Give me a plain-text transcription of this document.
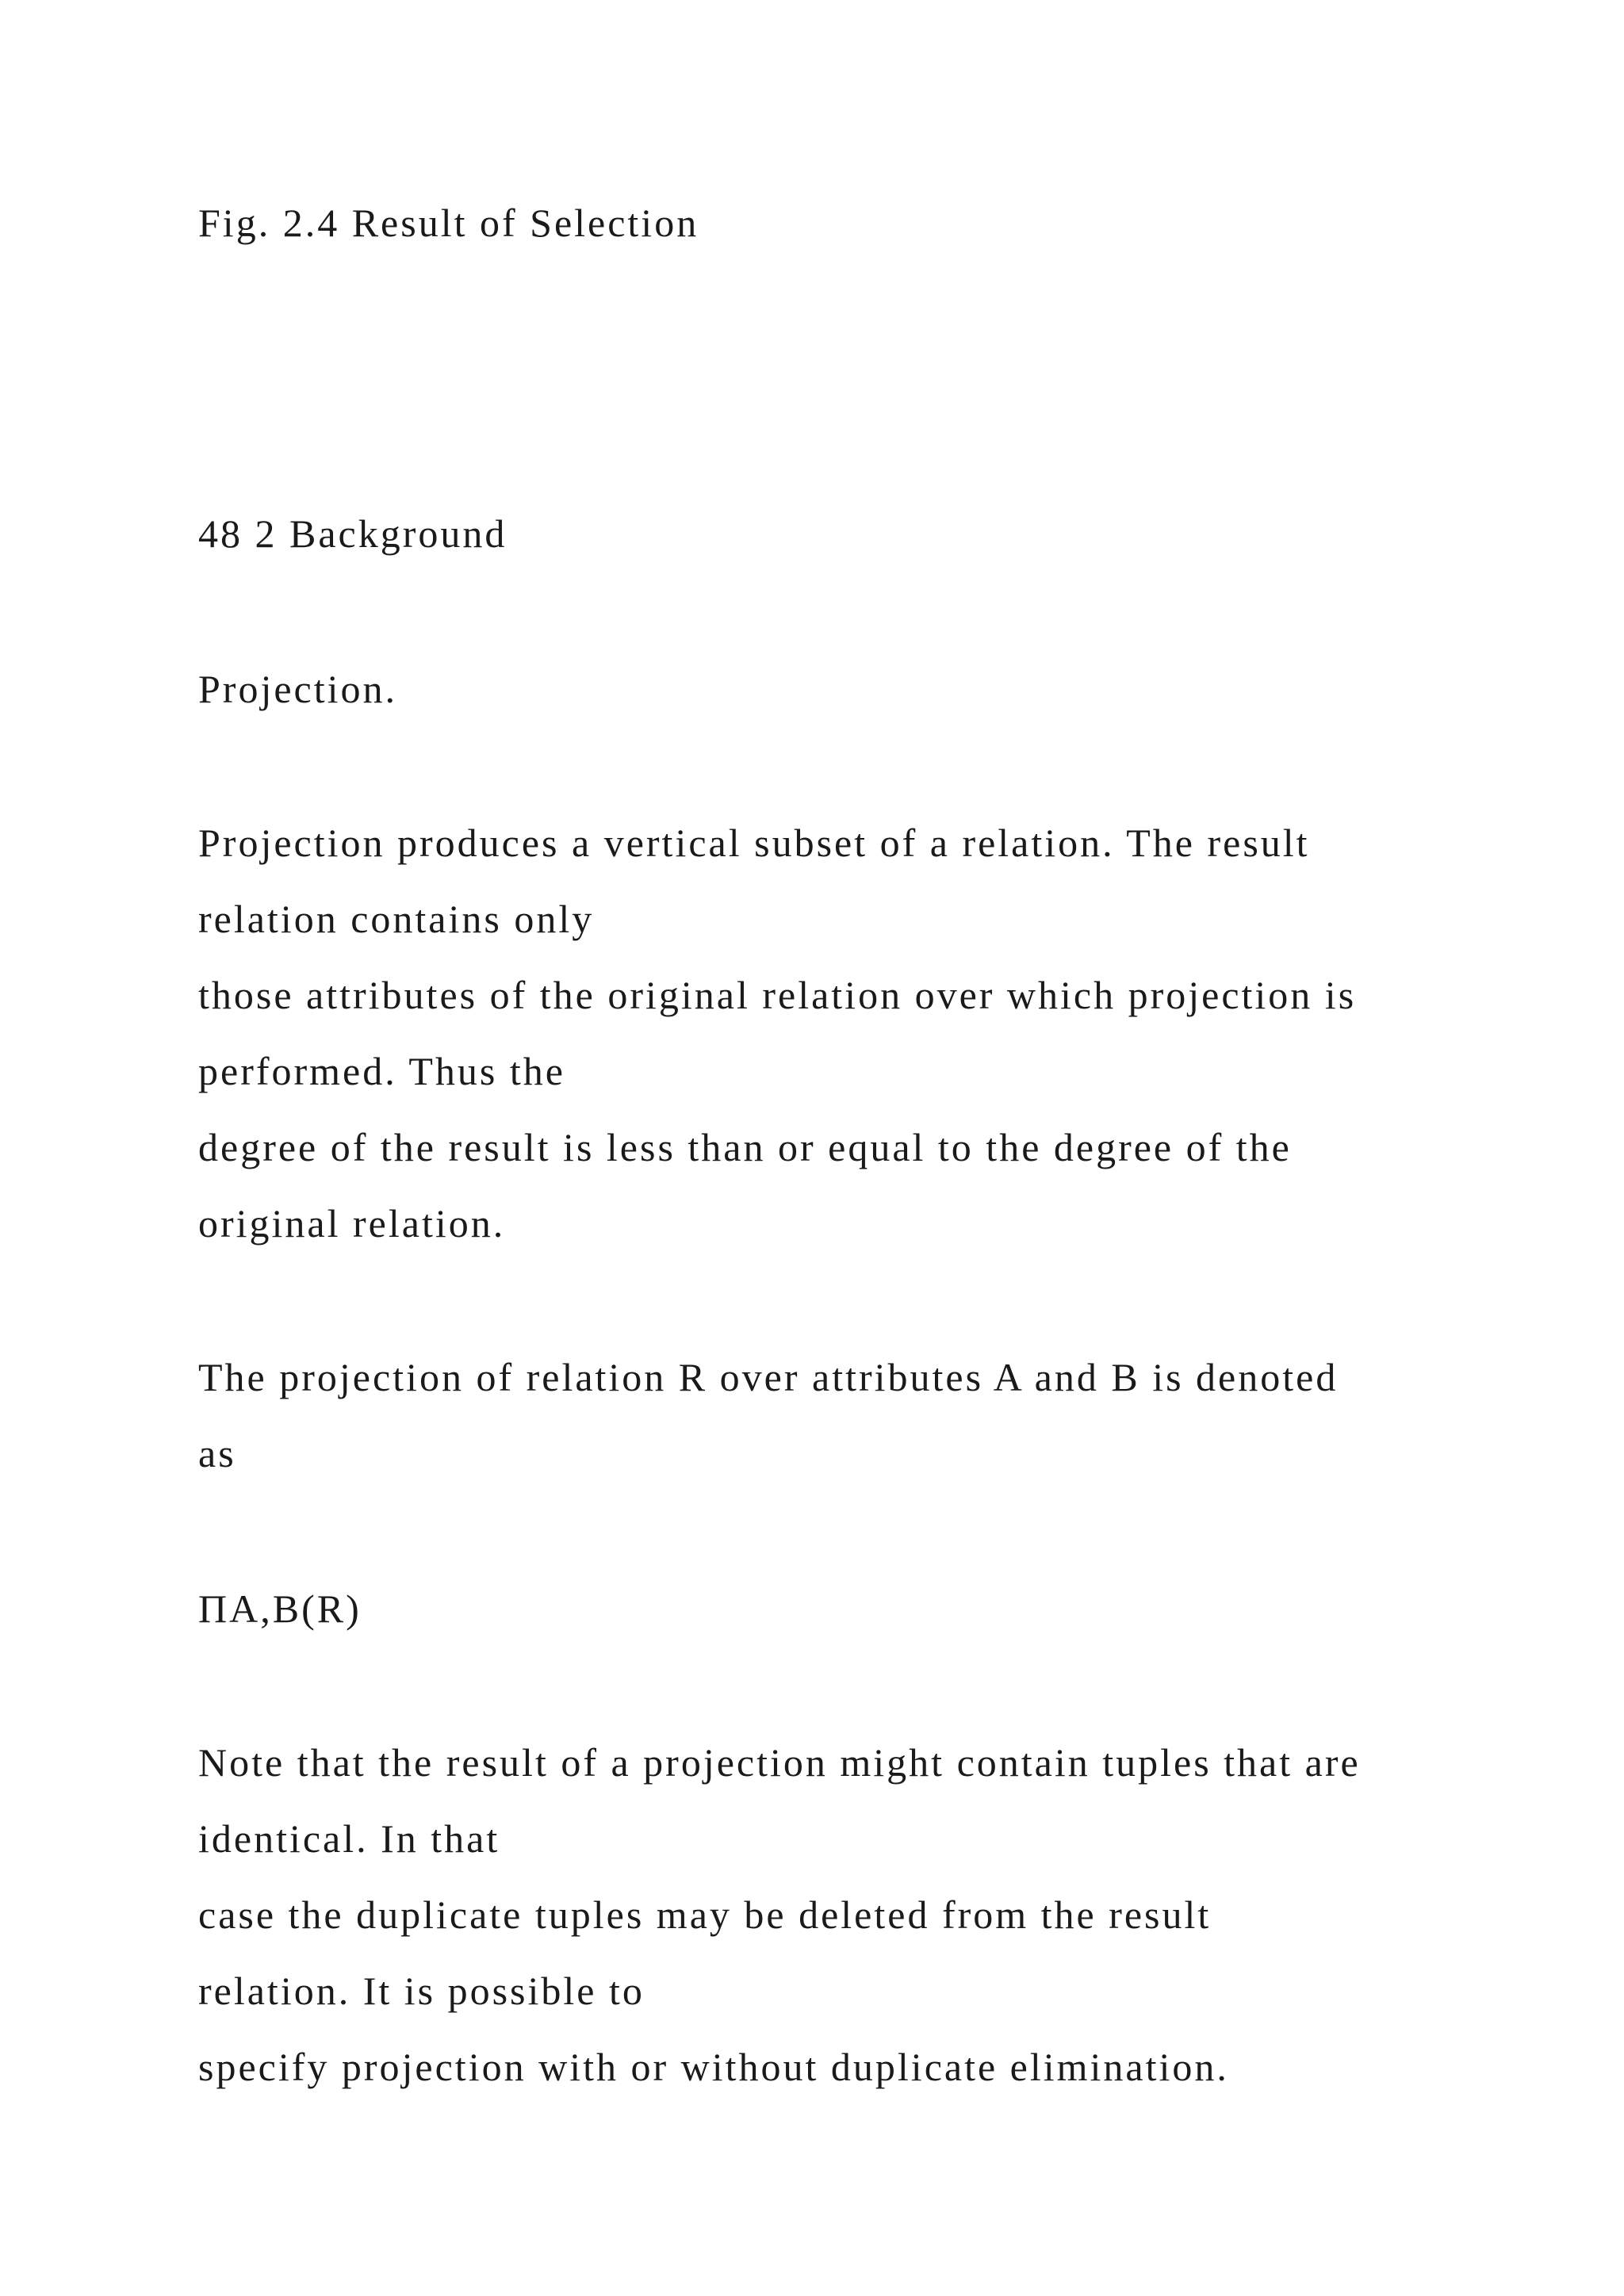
Fig. 2.4 Result of Selection

48 2 Background

Projection.

Projection produces a vertical subset of a relation. The result

relation contains only

those attributes of the original relation over which projection is

performed. Thus the

degree of the result is less than or equal to the degree of the

original relation.

The projection of relation R over attributes A and B is denoted

as

ΠA,B(R)

Note that the result of a projection might contain tuples that are

identical. In that

case the duplicate tuples may be deleted from the result

relation. It is possible to

specify projection with or without duplicate elimination.
